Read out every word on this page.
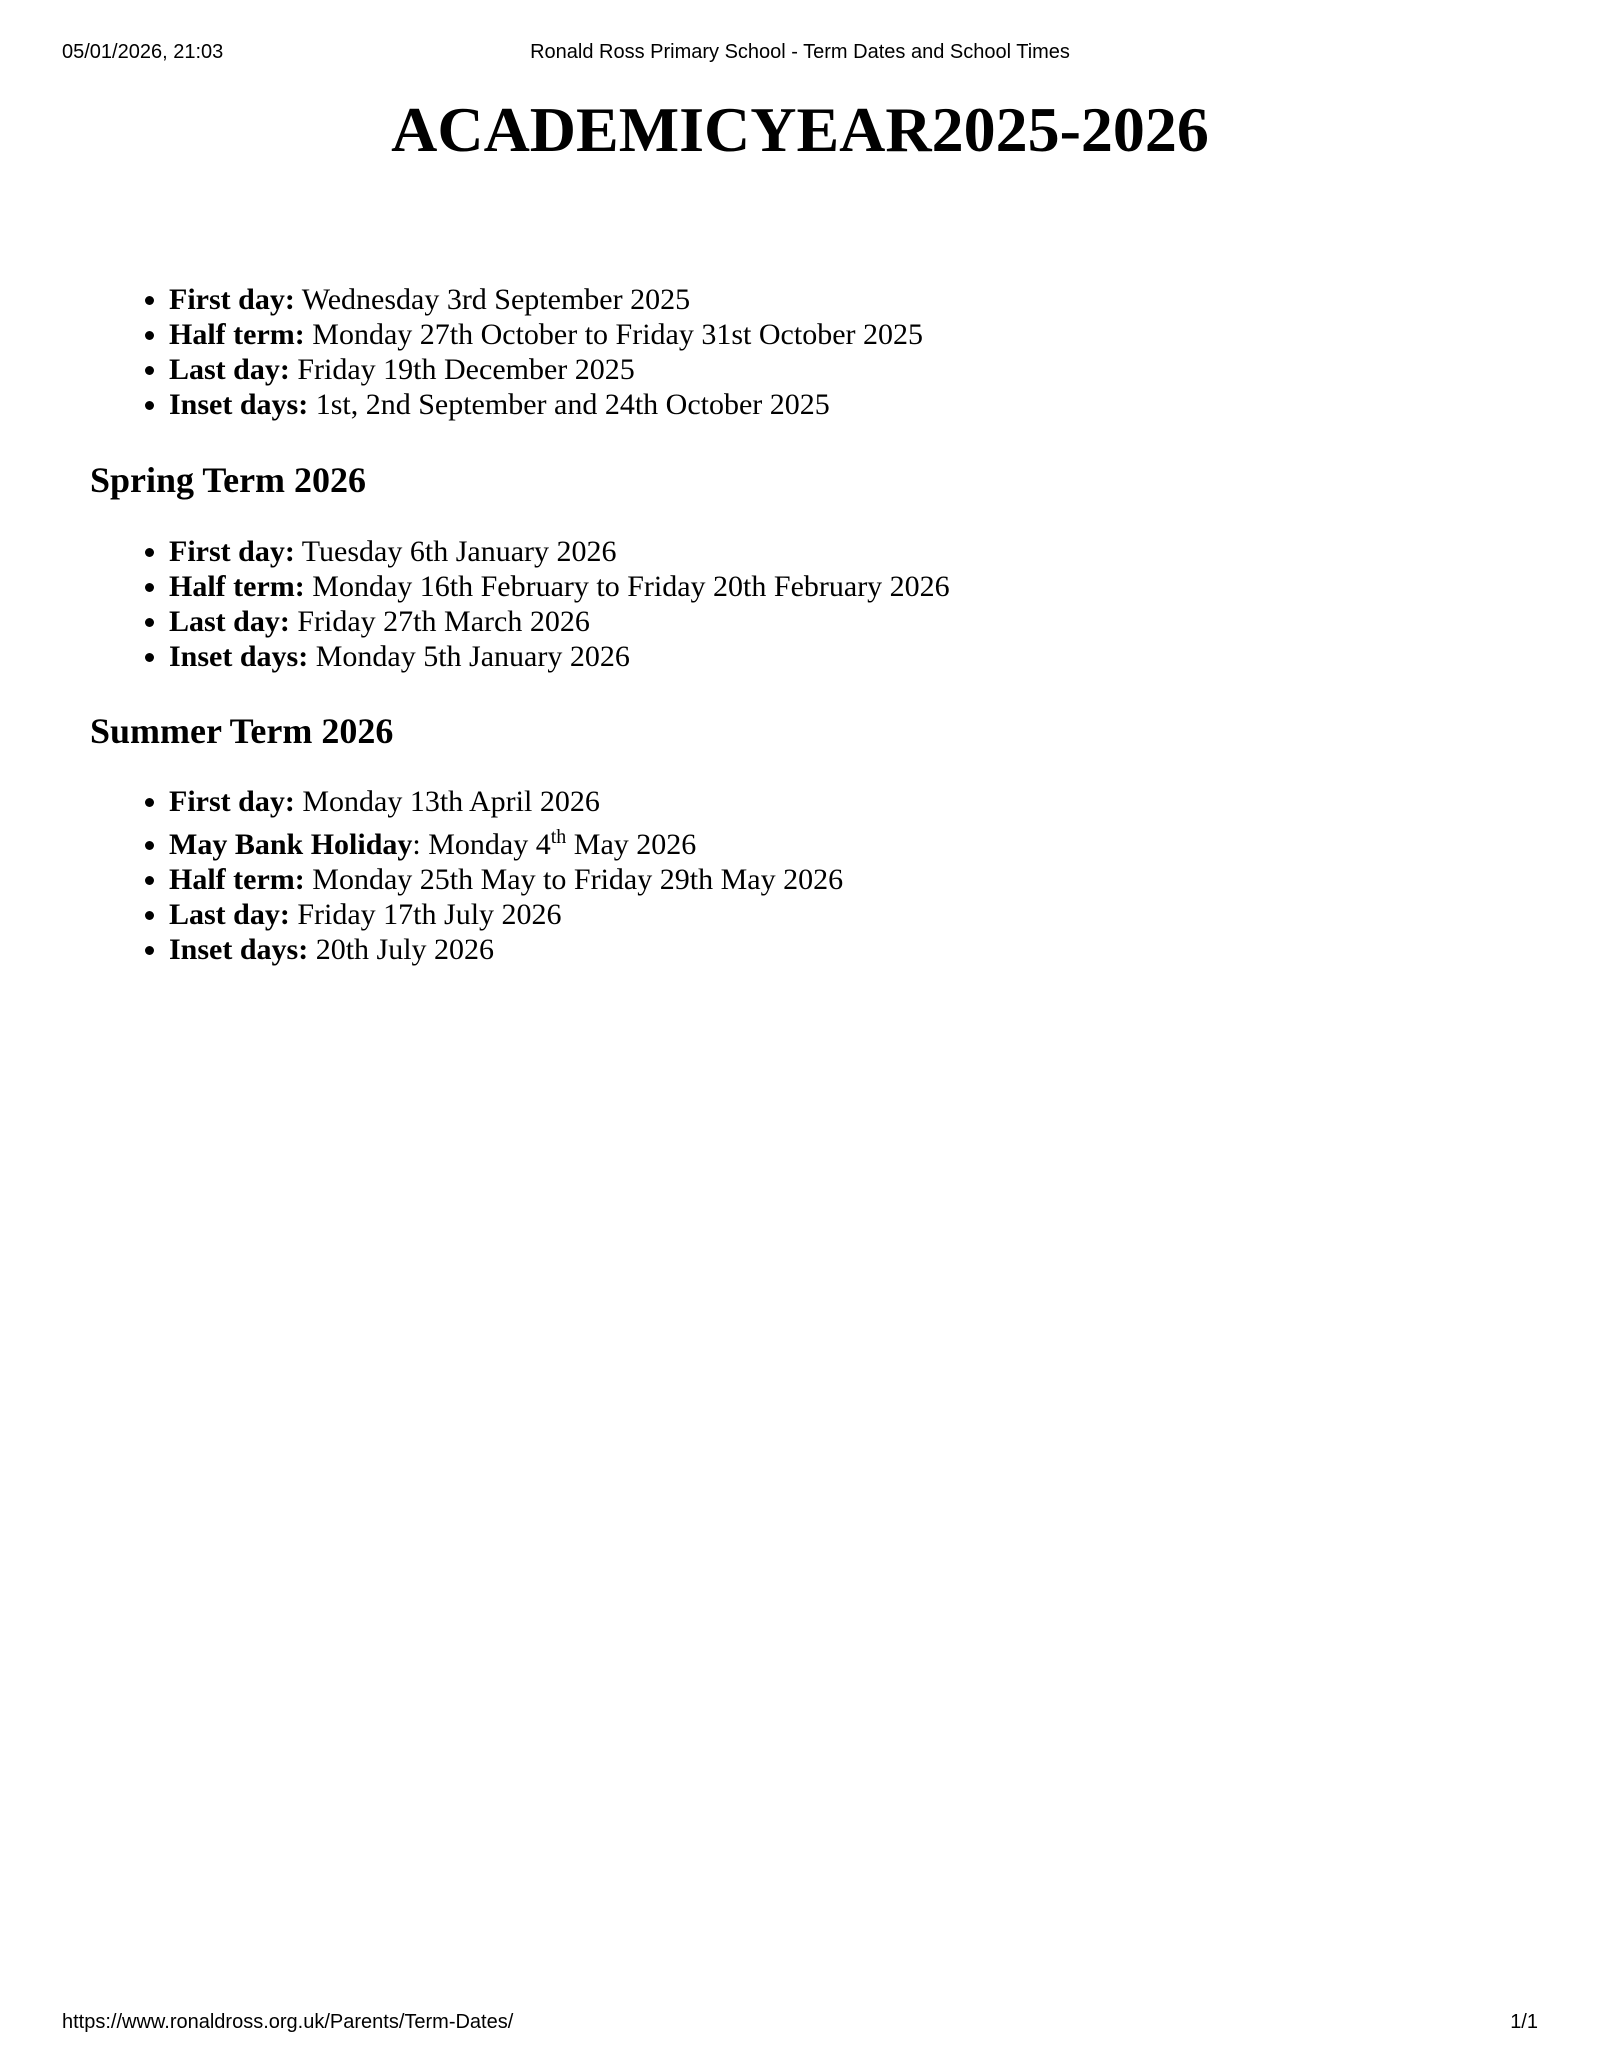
05/01/2026, 21:03	Ronald Ross Primary School - Term Dates and School Times
ACADEMICYEAR2025-2026
• First day: Wednesday 3rd September 2025
• Half term: Monday 27th October to Friday 31st October 2025
• Last day: Friday 19th December 2025
• Inset days: 1st, 2nd September and 24th October 2025
Spring Term 2026
• First day: Tuesday 6th January 2026
• Half term: Monday 16th February to Friday 20th February 2026
• Last day: Friday 27th March 2026
• Inset days: Monday 5th January 2026
Summer Term 2026
• First day: Monday 13th April 2026
• May Bank Holiday: Monday 4th May 2026
• Half term: Monday 25th May to Friday 29th May 2026
• Last day: Friday 17th July 2026
• Inset days: 20th July 2026
https://www.ronaldross.org.uk/Parents/Term-Dates/	1/1
